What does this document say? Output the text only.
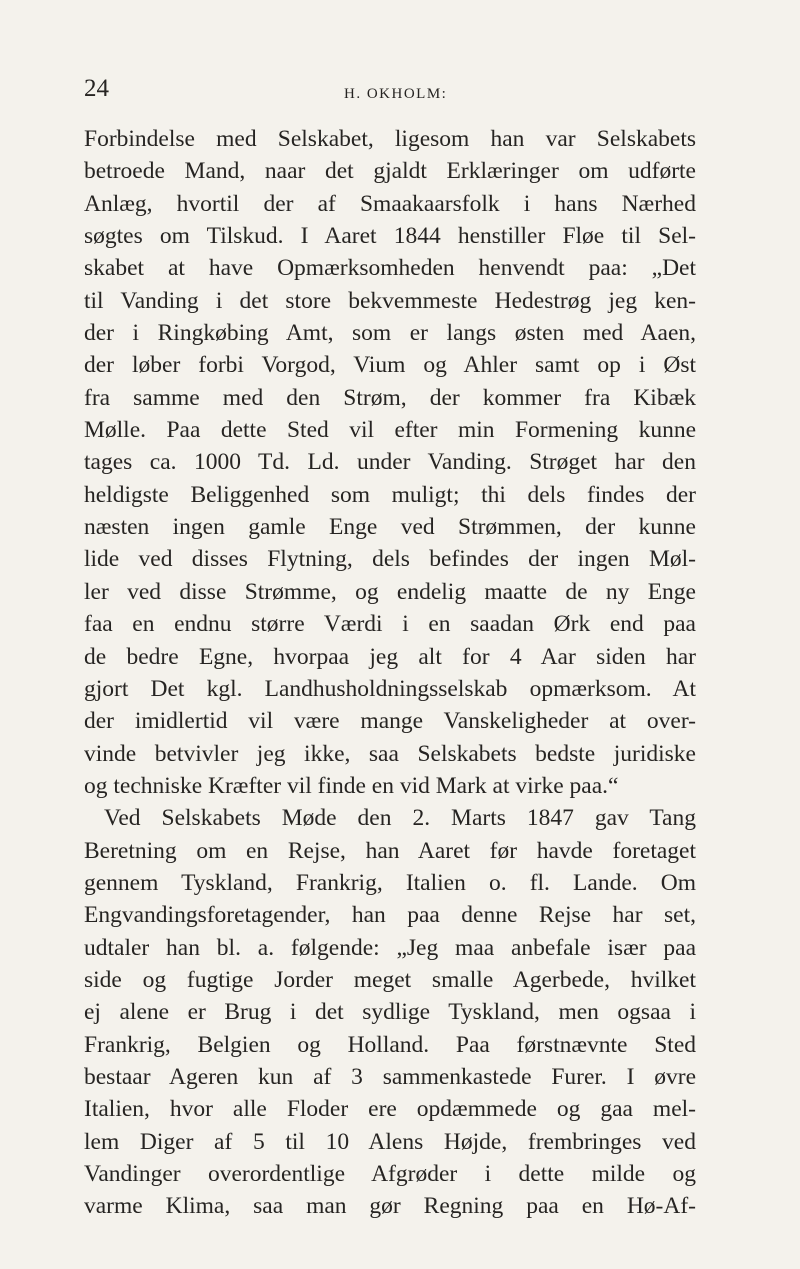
24	H. OKHOLM:
Forbindelse med Selskabet, ligesom han var Selskabets
betroede Mand, naar det gjaldt Erklæringer om udførte
Anlæg, hvortil der af Smaakaarsfolk i hans Nærhed
søgtes om Tilskud. I Aaret 1844 henstiller Fløe til Sel-
skabet at have Opmærksomheden henvendt paa: „Det
til Vanding i det store bekvemmeste Hedestrøg jeg ken-
der i Ringkøbing Amt, som er langs østen med Aaen,
der løber forbi Vorgod, Vium og Ahler samt op i Øst
fra samme med den Strøm, der kommer fra Kibæk
Mølle. Paa dette Sted vil efter min Formening kunne
tages ca. 1000 Td. Ld. under Vanding. Strøget har den
heldigste Beliggenhed som muligt; thi dels findes der
næsten ingen gamle Enge ved Strømmen, der kunne
lide ved disses Flytning, dels befindes der ingen Møl-
ler ved disse Strømme, og endelig maatte de ny Enge
faa en endnu større Værdi i en saadan Ørk end paa
de bedre Egne, hvorpaa jeg alt for 4 Aar siden har
gjort Det kgl. Landhusholdningsselskab opmærksom. At
der imidlertid vil være mange Vanskeligheder at over-
vinde betvivler jeg ikke, saa Selskabets bedste juridiske
og techniske Kræfter vil finde en vid Mark at virke paa.“
Ved Selskabets Møde den 2. Marts 1847 gav Tang
Beretning om en Rejse, han Aaret før havde foretaget
gennem Tyskland, Frankrig, Italien o. fl. Lande. Om
Engvandingsforetagender, han paa denne Rejse har set,
udtaler han bl. a. følgende: „Jeg maa anbefale især paa
side og fugtige Jorder meget smalle Agerbede, hvilket
ej alene er Brug i det sydlige Tyskland, men ogsaa i
Frankrig, Belgien og Holland. Paa førstnævnte Sted
bestaar Ageren kun af 3 sammenkastede Furer. I øvre
Italien, hvor alle Floder ere opdæmmede og gaa mel-
lem Diger af 5 til 10 Alens Højde, frembringes ved
Vandinger overordentlige Afgrøder i dette milde og
varme Klima, saa man gør Regning paa en Hø-Af-
